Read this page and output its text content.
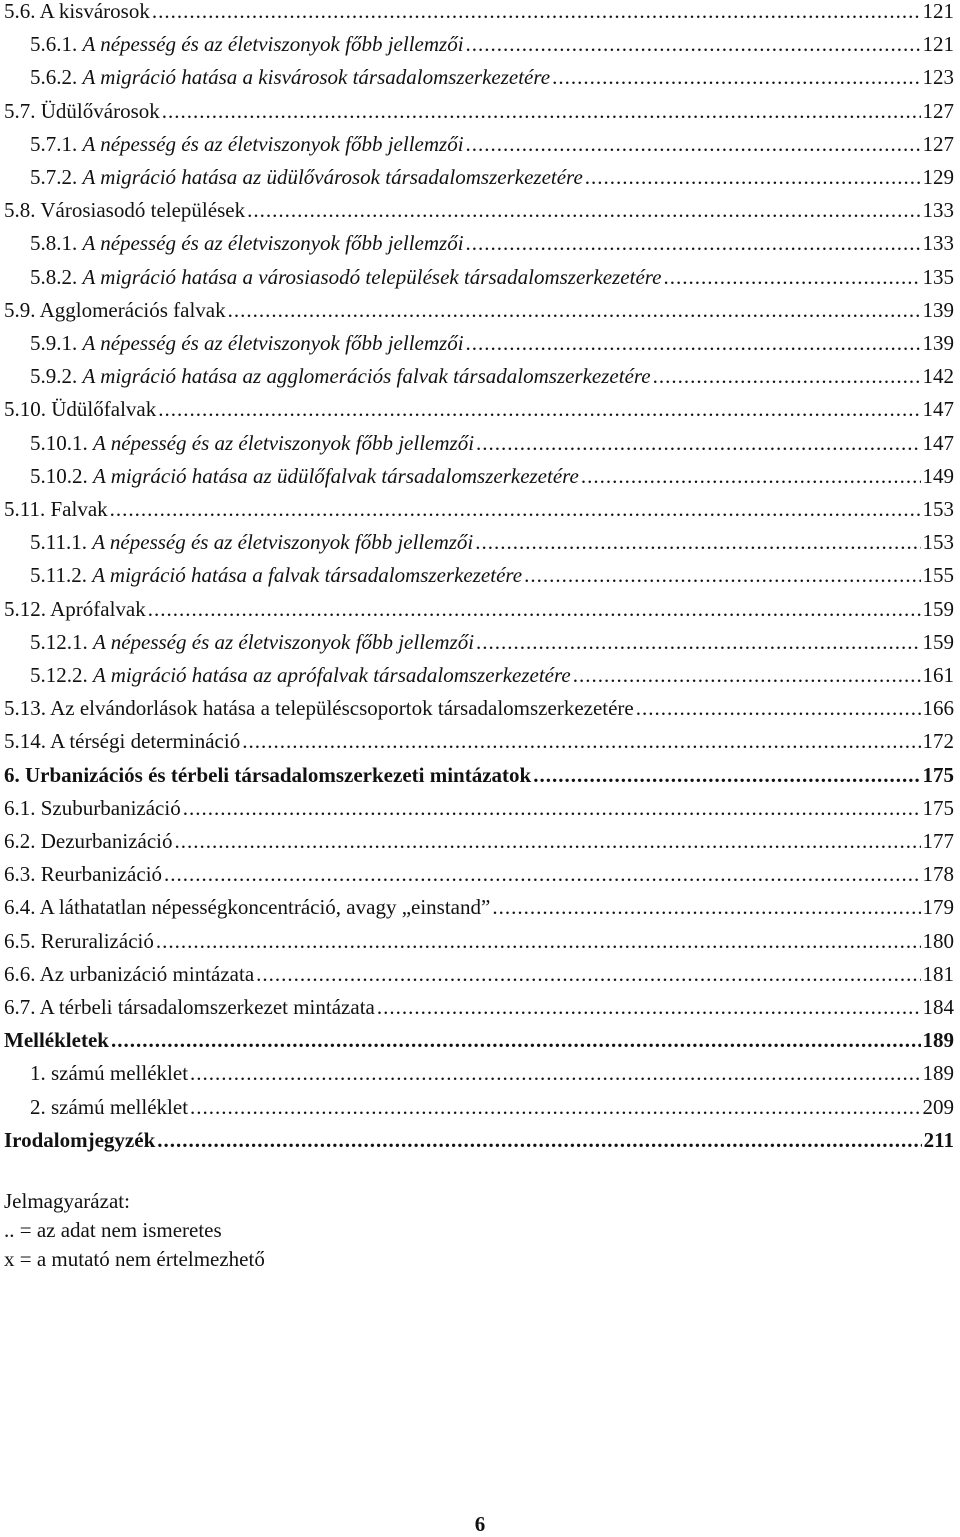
5.6. A kisvárosok .....	121
5.6.1. A népesség és az életviszonyok főbb jellemzői .....	121
5.6.2. A migráció hatása a kisvárosok társadalomszerkezetére .....	123
5.7. Üdülővárosok .....	127
5.7.1. A népesség és az életviszonyok főbb jellemzői .....	127
5.7.2. A migráció hatása az üdülővárosok társadalomszerkezetére .....	129
5.8. Városiasodó települések .....	133
5.8.1. A népesség és az életviszonyok főbb jellemzői .....	133
5.8.2. A migráció hatása a városiasodó települések társadalomszerkezetére .....	135
5.9. Agglomerációs falvak .....	139
5.9.1. A népesség és az életviszonyok főbb jellemzői .....	139
5.9.2. A migráció hatása az agglomerációs falvak társadalomszerkezetére .....	142
5.10. Üdülőfalvak .....	147
5.10.1. A népesség és az életviszonyok főbb jellemzői .....	147
5.10.2. A migráció hatása az üdülőfalvak társadalomszerkezetére .....	149
5.11. Falvak .....	153
5.11.1. A népesség és az életviszonyok főbb jellemzői .....	153
5.11.2. A migráció hatása a falvak társadalomszerkezetére .....	155
5.12. Aprófalvak .....	159
5.12.1. A népesség és az életviszonyok főbb jellemzői .....	159
5.12.2. A migráció hatása az aprófalvak társadalomszerkezetére .....	161
5.13. Az elvándorlások hatása a településcsoportok társadalomszerkezetére .....	166
5.14. A térségi determináció .....	172
6. Urbanizációs és térbeli társadalomszerkezeti mintázatok .....	175
6.1. Szuburbanizáció .....	175
6.2. Dezurbanizáció .....	177
6.3. Reurbanizáció .....	178
6.4. A láthatatlan népességkoncentráció, avagy „einstand” .....	179
6.5. Reruralizáció .....	180
6.6. Az urbanizáció mintázata .....	181
6.7. A térbeli társadalomszerkezet mintázata .....	184
Mellékletek .....	189
1. számú melléklet .....	189
2. számú melléklet .....	209
Irodalomjegyzék .....	211
Jelmagyarázat:
.. = az adat nem ismeretes
x = a mutató nem értelmezhető
6
